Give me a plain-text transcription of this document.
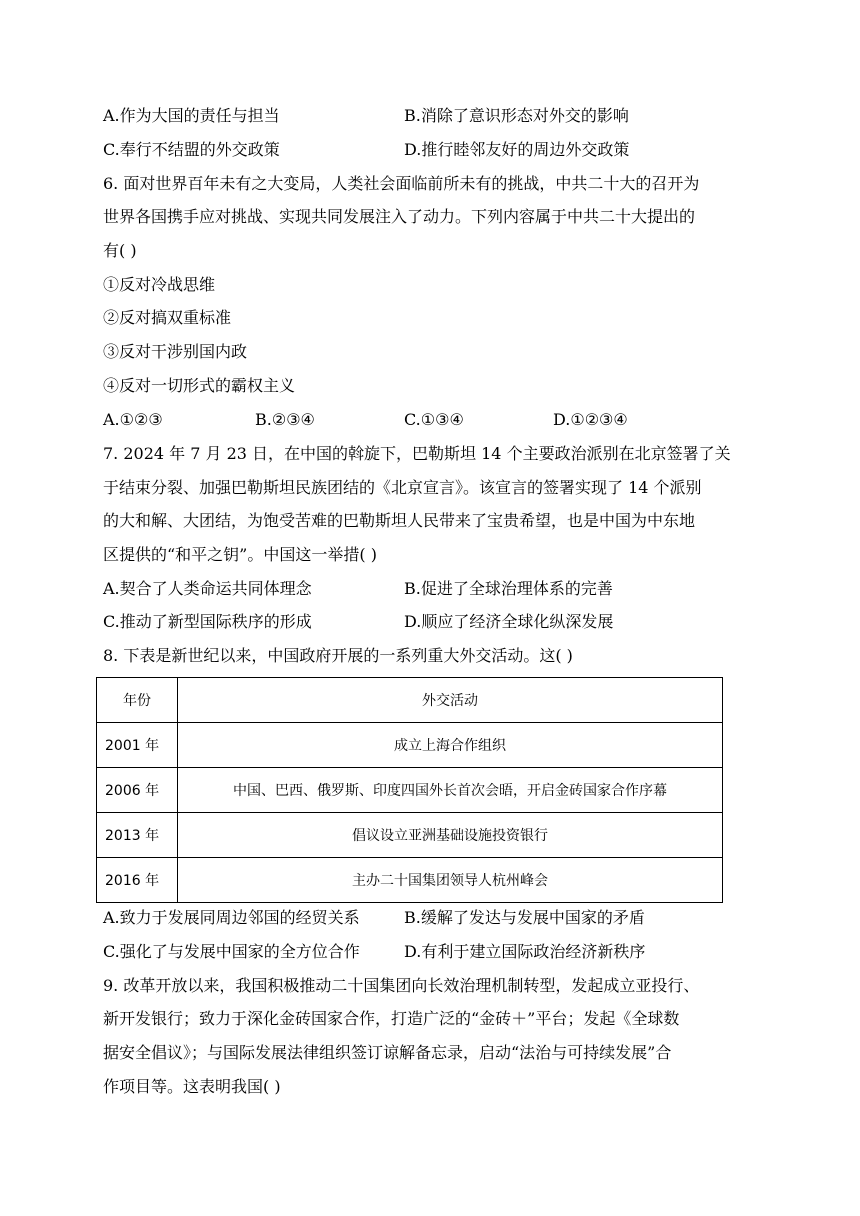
A.作为大国的责任与担当	B.消除了意识形态对外交的影响
C.奉行不结盟的外交政策	D.推行睦邻友好的周边外交政策
6. 面对世界百年未有之大变局，人类社会面临前所未有的挑战，中共二十大的召开为
世界各国携手应对挑战、实现共同发展注入了动力。下列内容属于中共二十大提出的
有( )
①反对冷战思维
②反对搞双重标准
③反对干涉别国内政
④反对一切形式的霸权主义
A.①②③	B.②③④	C.①③④	D.①②③④
7. 2024 年 7 月 23 日，在中国的斡旋下，巴勒斯坦 14 个主要政治派别在北京签署了关
于结束分裂、加强巴勒斯坦民族团结的《北京宣言》。该宣言的签署实现了 14 个派别
的大和解、大团结，为饱受苦难的巴勒斯坦人民带来了宝贵希望，也是中国为中东地
区提供的“和平之钥”。中国这一举措( )
A.契合了人类命运共同体理念	B.促进了全球治理体系的完善
C.推动了新型国际秩序的形成	D.顺应了经济全球化纵深发展
8. 下表是新世纪以来，中国政府开展的一系列重大外交活动。这( )
年份	外交活动
2001 年	成立上海合作组织
2006 年	中国、巴西、俄罗斯、印度四国外长首次会晤，开启金砖国家合作序幕
2013 年	倡议设立亚洲基础设施投资银行
2016 年	主办二十国集团领导人杭州峰会
A.致力于发展同周边邻国的经贸关系	B.缓解了发达与发展中国家的矛盾
C.强化了与发展中国家的全方位合作	D.有利于建立国际政治经济新秩序
9. 改革开放以来，我国积极推动二十国集团向长效治理机制转型，发起成立亚投行、
新开发银行；致力于深化金砖国家合作，打造广泛的“金砖＋”平台；发起《全球数
据安全倡议》；与国际发展法律组织签订谅解备忘录，启动“法治与可持续发展”合
作项目等。这表明我国( )
